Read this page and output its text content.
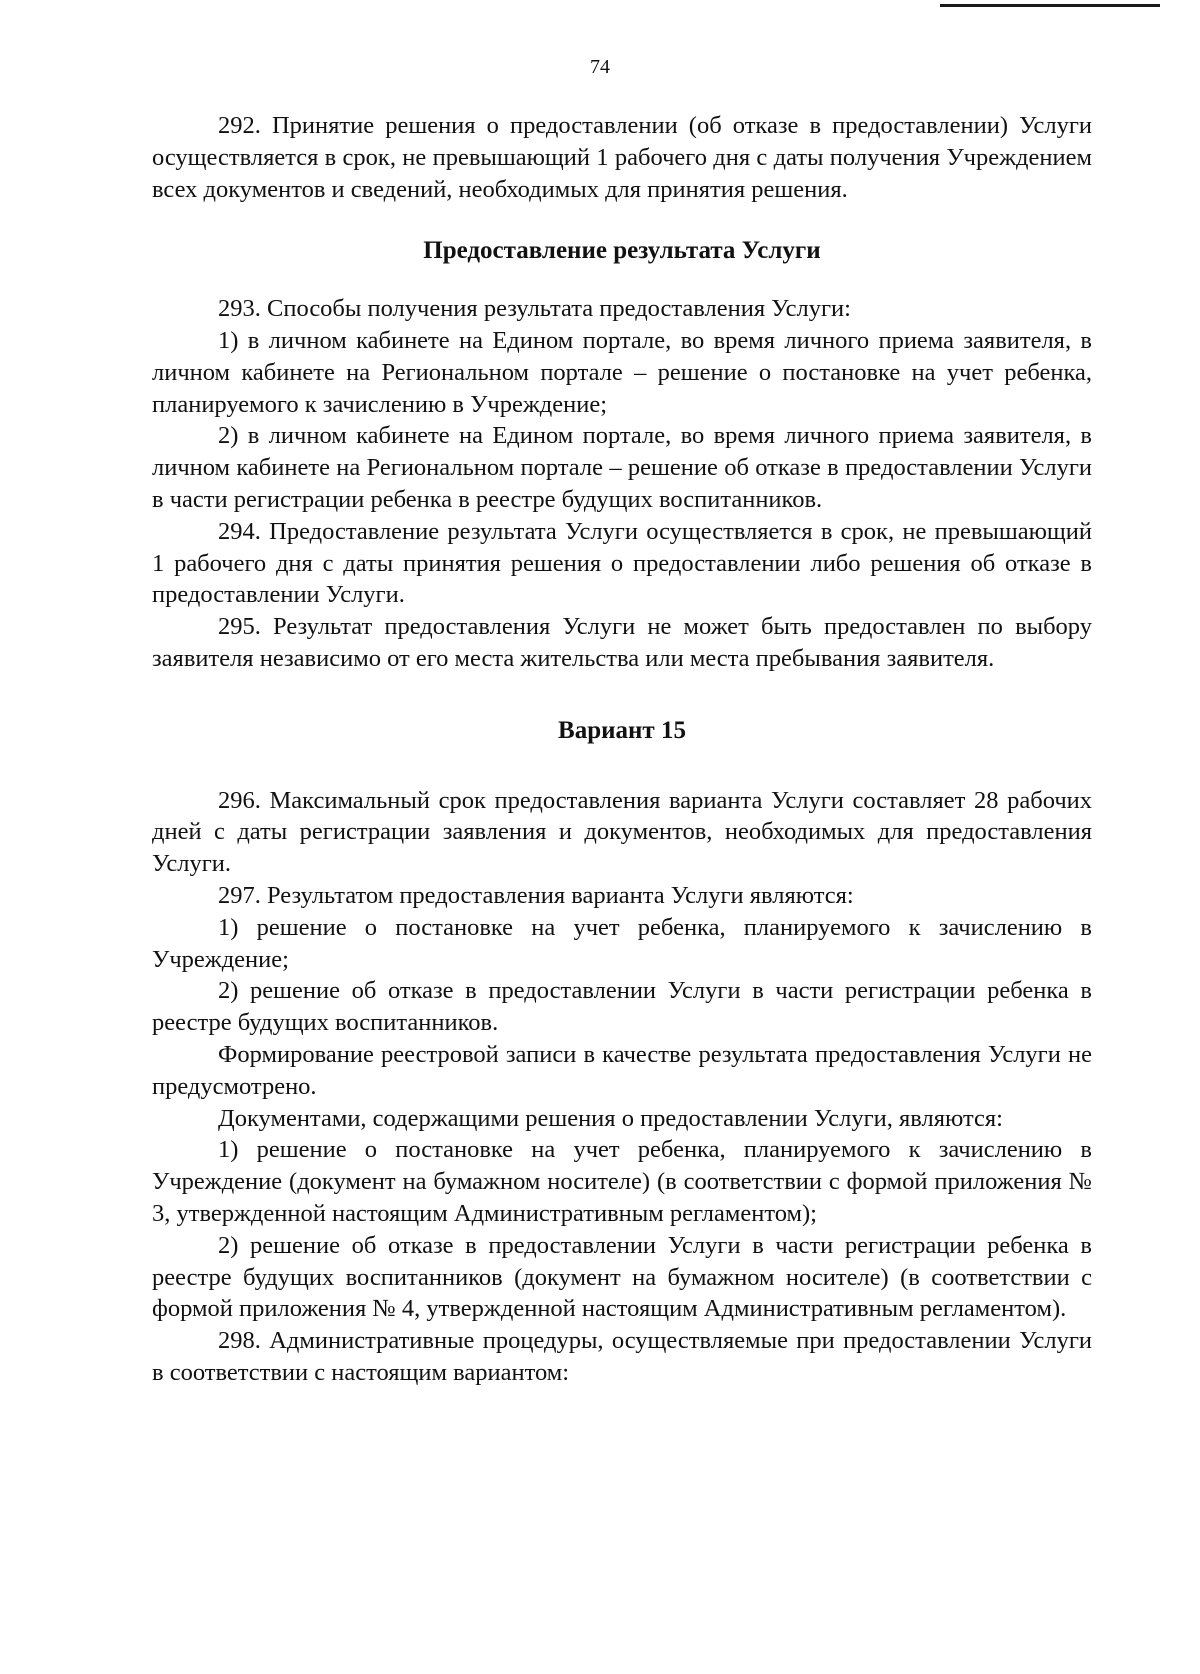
74

292. Принятие решения о предоставлении (об отказе в предоставлении) Услуги осуществляется в срок, не превышающий 1 рабочего дня с даты получения Учреждением всех документов и сведений, необходимых для принятия решения.

Предоставление результата Услуги

293. Способы получения результата предоставления Услуги:

1) в личном кабинете на Едином портале, во время личного приема заявителя, в личном кабинете на Региональном портале – решение о постановке на учет ребенка, планируемого к зачислению в Учреждение;

2) в личном кабинете на Едином портале, во время личного приема заявителя, в личном кабинете на Региональном портале – решение об отказе в предоставлении Услуги в части регистрации ребенка в реестре будущих воспитанников.

294. Предоставление результата Услуги осуществляется в срок, не превышающий 1 рабочего дня с даты принятия решения о предоставлении либо решения об отказе в предоставлении Услуги.

295. Результат предоставления Услуги не может быть предоставлен по выбору заявителя независимо от его места жительства или места пребывания заявителя.

Вариант 15

296. Максимальный срок предоставления варианта Услуги составляет 28 рабочих дней с даты регистрации заявления и документов, необходимых для предоставления Услуги.

297. Результатом предоставления варианта Услуги являются:

1) решение о постановке на учет ребенка, планируемого к зачислению в Учреждение;

2) решение об отказе в предоставлении Услуги в части регистрации ребенка в реестре будущих воспитанников.

Формирование реестровой записи в качестве результата предоставления Услуги не предусмотрено.

Документами, содержащими решения о предоставлении Услуги, являются:

1) решение о постановке на учет ребенка, планируемого к зачислению в Учреждение (документ на бумажном носителе) (в соответствии с формой приложения № 3, утвержденной настоящим Административным регламентом);

2) решение об отказе в предоставлении Услуги в части регистрации ребенка в реестре будущих воспитанников (документ на бумажном носителе) (в соответствии с формой приложения № 4, утвержденной настоящим Административным регламентом).

298. Административные процедуры, осуществляемые при предоставлении Услуги в соответствии с настоящим вариантом:
